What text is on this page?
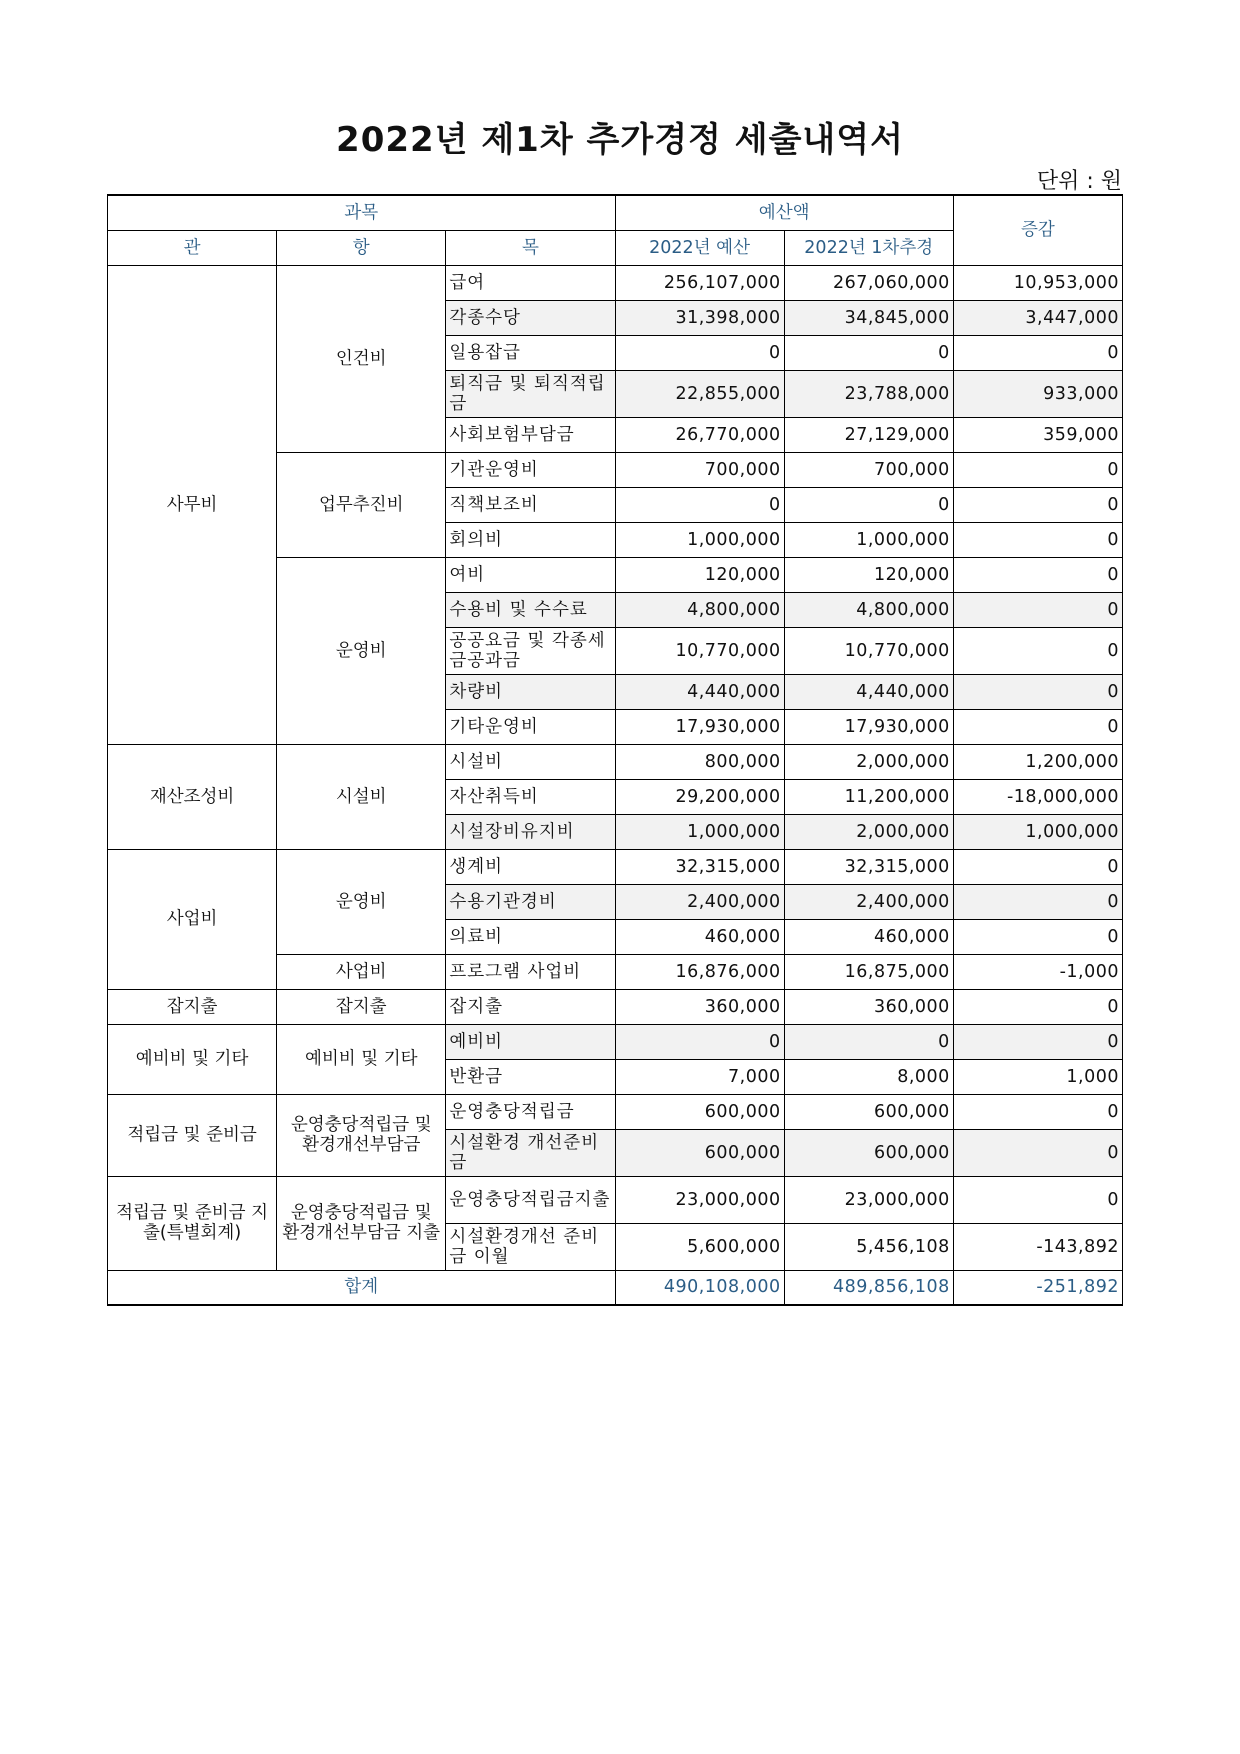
2022년 제1차 추가경정 세출내역서
단위 : 원
과목			예산액		증감
관	항	목	2022년 예산	2022년 1차추경	
사무비	인건비	급여	256,107,000	267,060,000	10,953,000
		각종수당	31,398,000	34,845,000	3,447,000
		일용잡급	0	0	0
		퇴직금 및 퇴직적립금	22,855,000	23,788,000	933,000
		사회보험부담금	26,770,000	27,129,000	359,000
	업무추진비	기관운영비	700,000	700,000	0
		직책보조비	0	0	0
		회의비	1,000,000	1,000,000	0
	운영비	여비	120,000	120,000	0
		수용비 및 수수료	4,800,000	4,800,000	0
		공공요금 및 각종세금공과금	10,770,000	10,770,000	0
		차량비	4,440,000	4,440,000	0
		기타운영비	17,930,000	17,930,000	0
재산조성비	시설비	시설비	800,000	2,000,000	1,200,000
		자산취득비	29,200,000	11,200,000	-18,000,000
		시설장비유지비	1,000,000	2,000,000	1,000,000
사업비	운영비	생계비	32,315,000	32,315,000	0
		수용기관경비	2,400,000	2,400,000	0
		의료비	460,000	460,000	0
	사업비	프로그램 사업비	16,876,000	16,875,000	-1,000
잡지출	잡지출	잡지출	360,000	360,000	0
예비비 및 기타	예비비 및 기타	예비비	0	0	0
		반환금	7,000	8,000	1,000
적립금 및 준비금	운영충당적립금 및 환경개선부담금	운영충당적립금	600,000	600,000	0
		시설환경 개선준비금	600,000	600,000	0
적립금 및 준비금 지출(특별회계)	운영충당적립금 및 환경개선부담금 지출	운영충당적립금지출	23,000,000	23,000,000	0
		시설환경개선 준비금 이월	5,600,000	5,456,108	-143,892
합계			490,108,000	489,856,108	-251,892
